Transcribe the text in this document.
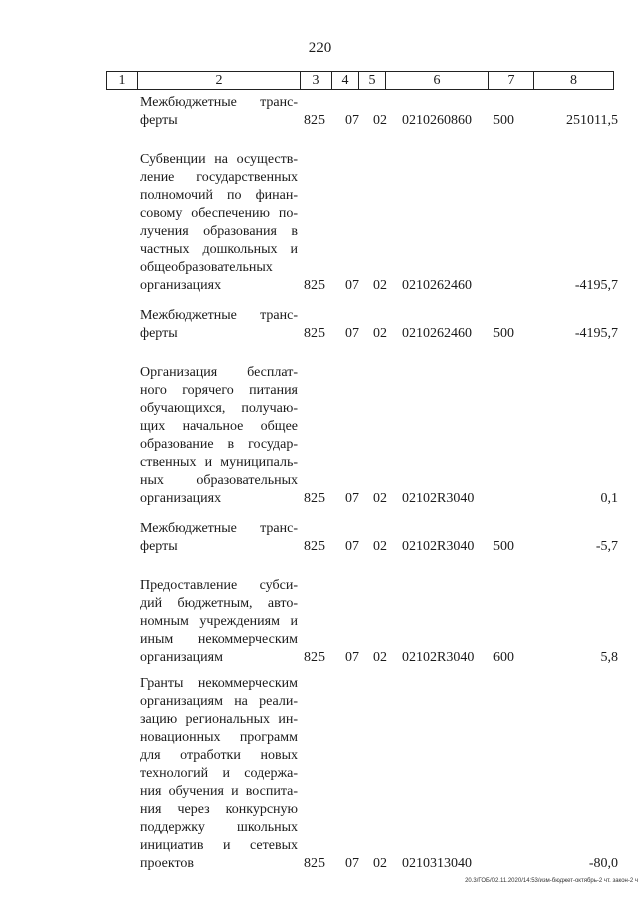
220
1	2	3	4	5	6	7	8
Межбюджетные транс-
ферты	825 07 02 0210260860 500	251011,5
Субвенции на осуществ-
ление государственных
полномочий по финан-
совому обеспечению по-
лучения образования в
частных дошкольных и
общеобразовательных
организациях	825 07 02 0210262460	-4195,7
Межбюджетные транс-
ферты	825 07 02 0210262460 500	-4195,7
Организация бесплат-
ного горячего питания
обучающихся, получаю-
щих начальное общее
образование в государ-
ственных и муниципаль-
ных образовательных
организациях	825 07 02 02102R3040	0,1
Межбюджетные транс-
ферты	825 07 02 02102R3040 500	-5,7
Предоставление субси-
дий бюджетным, авто-
номным учреждениям и
иным некоммерческим
организациям	825 07 02 02102R3040 600	5,8
Гранты некоммерческим
организациям на реали-
зацию региональных ин-
новационных программ
для отработки новых
технологий и содержа-
ния обучения и воспита-
ния через конкурсную
поддержку школьных
инициатив и сетевых
проектов	825 07 02 0210313040	-80,0
20.3/ГОБ/02.11.2020/14:53/изм-бюджет-октябрь-2 чт. закон-2 ч
